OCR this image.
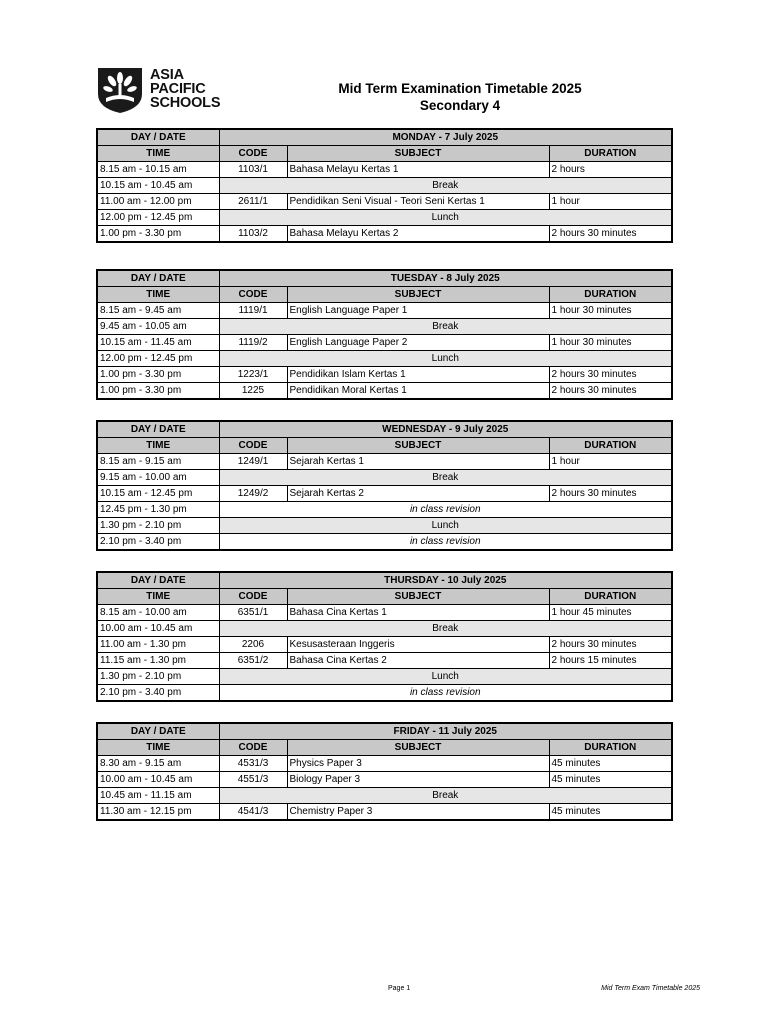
ASIA
PACIFIC
SCHOOLS
Mid Term Examination Timetable 2025
Secondary 4
DAY / DATE	MONDAY - 7 July 2025		
TIME	CODE	SUBJECT	DURATION
8.15 am - 10.15 am	1103/1	Bahasa Melayu Kertas 1	2 hours
10.15 am - 10.45 am	Break		
11.00 am - 12.00 pm	2611/1	Pendidikan Seni Visual - Teori Seni Kertas 1	1 hour
12.00 pm - 12.45 pm	Lunch		
1.00 pm - 3.30 pm	1103/2	Bahasa Melayu Kertas 2	2 hours 30 minutes
DAY / DATE	TUESDAY - 8 July 2025		
TIME	CODE	SUBJECT	DURATION
8.15 am - 9.45 am	1119/1	English Language Paper 1	1 hour 30 minutes
9.45 am - 10.05 am	Break		
10.15 am - 11.45 am	1119/2	English Language Paper 2	1 hour 30 minutes
12.00 pm - 12.45 pm	Lunch		
1.00 pm - 3.30 pm	1223/1	Pendidikan Islam Kertas 1	2 hours 30 minutes
1.00 pm - 3.30 pm	1225	Pendidikan Moral Kertas 1	2 hours 30 minutes
DAY / DATE	WEDNESDAY - 9 July 2025		
TIME	CODE	SUBJECT	DURATION
8.15 am - 9.15 am	1249/1	Sejarah Kertas 1	1 hour
9.15 am - 10.00 am	Break		
10.15 am - 12.45 pm	1249/2	Sejarah Kertas 2	2 hours 30 minutes
12.45 pm - 1.30 pm	in class revision		
1.30 pm - 2.10 pm	Lunch		
2.10 pm - 3.40 pm	in class revision		
DAY / DATE	THURSDAY - 10 July 2025		
TIME	CODE	SUBJECT	DURATION
8.15 am - 10.00 am	6351/1	Bahasa Cina Kertas 1	1 hour 45 minutes
10.00 am - 10.45 am	Break		
11.00 am - 1.30 pm	2206	Kesusasteraan Inggeris	2 hours 30 minutes
11.15 am - 1.30 pm	6351/2	Bahasa Cina Kertas 2	2 hours 15 minutes
1.30 pm - 2.10 pm	Lunch		
2.10 pm - 3.40 pm	in class revision		
DAY / DATE	FRIDAY - 11 July 2025		
TIME	CODE	SUBJECT	DURATION
8.30 am - 9.15 am	4531/3	Physics Paper 3	45 minutes
10.00 am - 10.45 am	4551/3	Biology Paper 3	45 minutes
10.45 am - 11.15 am	Break		
11.30 am - 12.15 pm	4541/3	Chemistry Paper 3	45 minutes
Page 1	Mid Term Exam Timetable 2025
